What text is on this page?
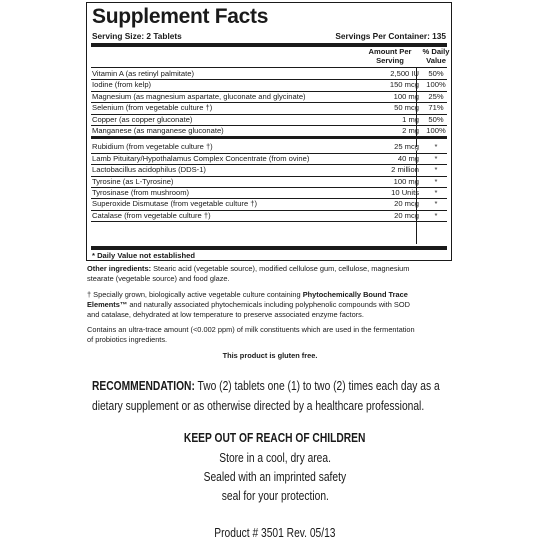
Supplement Facts
Serving Size: 2 Tablets	Servings Per Container: 135
Amount Per
Serving
% Daily
Value
Vitamin A (as retinyl palmitate)	2,500 IU	50%
Iodine (from kelp)	150 mcg 100%
Magnesium (as magnesium aspartate, gluconate and glycinate)	100 mg	25%
Selenium (from vegetable culture †)	50 mcg	71%
Copper (as copper gluconate)	1 mg	50%
Manganese (as manganese gluconate)	2 mg 100%
Rubidium (from vegetable culture †)	25 mcg	*
Lamb Pituitary/Hypothalamus Complex Concentrate (from ovine)	40 mg	*
Lactobacillus acidophilus (DDS-1)	2 million	*
Tyrosine (as L-Tyrosine)	100 mg	*
Tyrosinase (from mushroom)	10 Units	*
Superoxide Dismutase (from vegetable culture †)	20 mcg	*
Catalase (from vegetable culture †)	20 mcg	*
* Daily Value not established
Other ingredients: Stearic acid (vegetable source), modified cellulose gum, cellulose, magnesium
stearate (vegetable source) and food glaze.
† Specially grown, biologically active vegetable culture containing Phytochemically Bound Trace
Elements™ and naturally associated phytochemicals including polyphenolic compounds with SOD
and catalase, dehydrated at low temperature to preserve associated enzyme factors.
Contains an ultra-trace amount (<0.002 ppm) of milk constituents which are used in the fermentation
of probiotics ingredients.
This product is gluten free.
RECOMMENDATION: Two (2) tablets one (1) to two (2) times each day as a
dietary supplement or as otherwise directed by a healthcare professional.
KEEP OUT OF REACH OF CHILDREN
Store in a cool, dry area.
Sealed with an imprinted safety
seal for your protection.
Product # 3501 Rev. 05/13
